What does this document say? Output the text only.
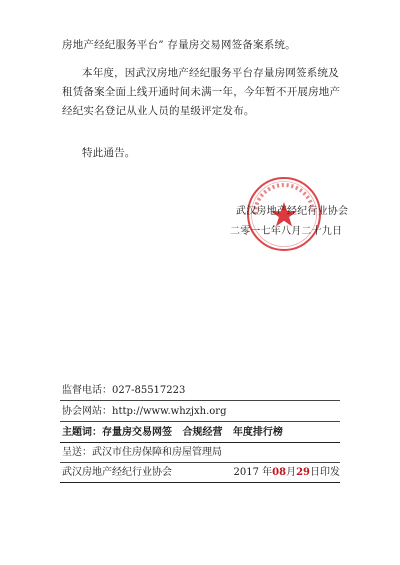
房地产经纪服务平台” 存量房交易网签备案系统。
本年度，因武汉房地产经纪服务平台存量房网签系统及
租赁备案全面上线开通时间未满一年，今年暂不开展房地产
经纪实名登记从业人员的星级评定发布。
特此通告。
武汉房地产经纪行业协会
二零一七年八月二十九日
监督电话：027-85517223
协会网站：http://www.whzjxh.org
主题词：存量房交易网签   合规经营   年度排行榜
呈送：武汉市住房保障和房屋管理局
武汉房地产经纪行业协会	2017 年08月29日印发
